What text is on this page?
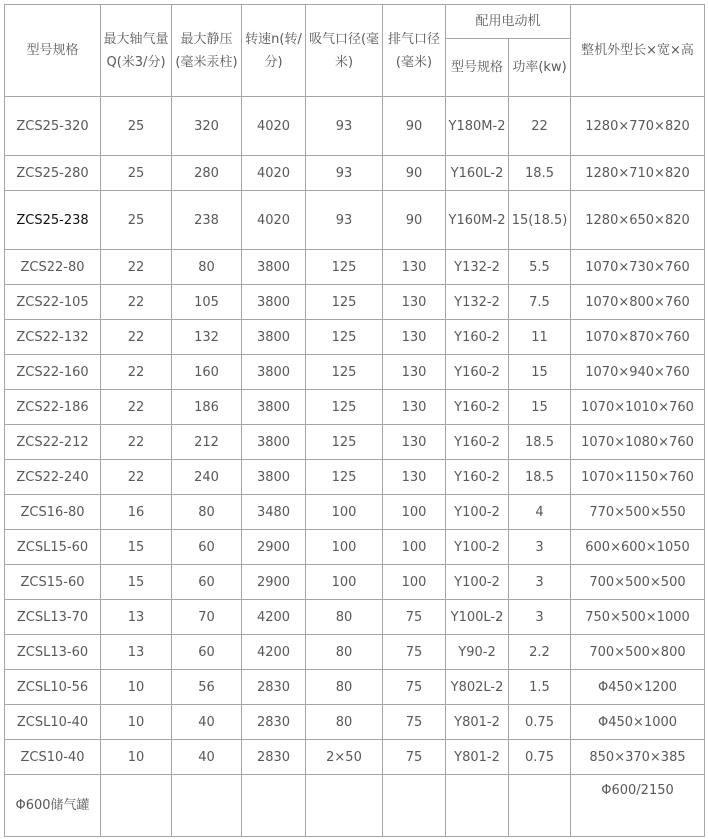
型号规格	最大轴气量Q(米3/分)	最大静压(毫米汞柱)	转速n(转/分)	吸气口径(毫米)	排气口径(毫米)	配用电动机		整机外型长×宽×高
						型号规格	功率(kw)	
ZCS25-320	25	320	4020	93	90	Y180M-2	22	1280×770×820
ZCS25-280	25	280	4020	93	90	Y160L-2	18.5	1280×710×820
ZCS25-238	25	238	4020	93	90	Y160M-2	15(18.5)	1280×650×820
ZCS22-80	22	80	3800	125	130	Y132-2	5.5	1070×730×760
ZCS22-105	22	105	3800	125	130	Y132-2	7.5	1070×800×760
ZCS22-132	22	132	3800	125	130	Y160-2	11	1070×870×760
ZCS22-160	22	160	3800	125	130	Y160-2	15	1070×940×760
ZCS22-186	22	186	3800	125	130	Y160-2	15	1070×1010×760
ZCS22-212	22	212	3800	125	130	Y160-2	18.5	1070×1080×760
ZCS22-240	22	240	3800	125	130	Y160-2	18.5	1070×1150×760
ZCS16-80	16	80	3480	100	100	Y100-2	4	770×500×550
ZCSL15-60	15	60	2900	100	100	Y100-2	3	600×600×1050
ZCS15-60	15	60	2900	100	100	Y100-2	3	700×500×500
ZCSL13-70	13	70	4200	80	75	Y100L-2	3	750×500×1000
ZCSL13-60	13	60	4200	80	75	Y90-2	2.2	700×500×800
ZCSL10-56	10	56	2830	80	75	Y802L-2	1.5	Φ450×1200
ZCSL10-40	10	40	2830	80	75	Y801-2	0.75	Φ450×1000
ZCS10-40	10	40	2830	2×50	75	Y801-2	0.75	850×370×385
Φ600储气罐								Φ600/2150
